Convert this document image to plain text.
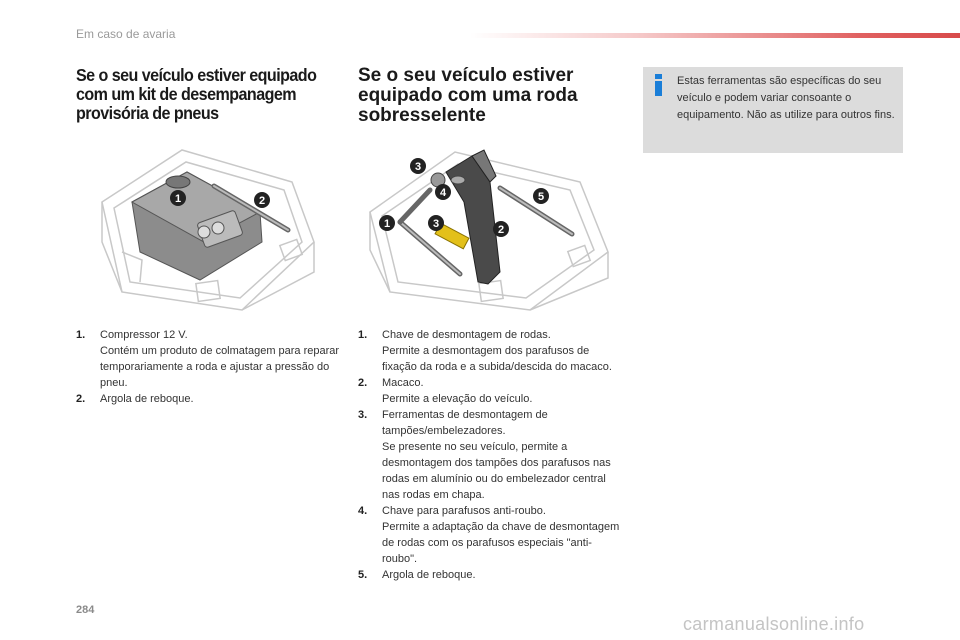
Em caso de avaria
Se o seu veículo estiver equipado com um kit de desempanagem provisória de pneus
1	2
1. Compressor 12 V.
Contém um produto de colmatagem para reparar temporariamente a roda e ajustar a pressão do pneu.
2. Argola de reboque.
Se o seu veículo estiver equipado com uma roda sobresselente
3
4	5
1	3	2
1. Chave de desmontagem de rodas.
Permite a desmontagem dos parafusos de fixação da roda e a subida/descida do macaco.
2. Macaco.
Permite a elevação do veículo.
3. Ferramentas de desmontagem de tampões/embelezadores.
Se presente no seu veículo, permite a desmontagem dos tampões dos parafusos nas rodas em alumínio ou do embelezador central nas rodas em chapa.
4. Chave para parafusos anti-roubo.
Permite a adaptação da chave de desmontagem de rodas com os parafusos especiais "anti-roubo".
5. Argola de reboque.
Estas ferramentas são específicas do seu veículo e podem variar consoante o equipamento. Não as utilize para outros fins.
284
carmanualsonline.info
